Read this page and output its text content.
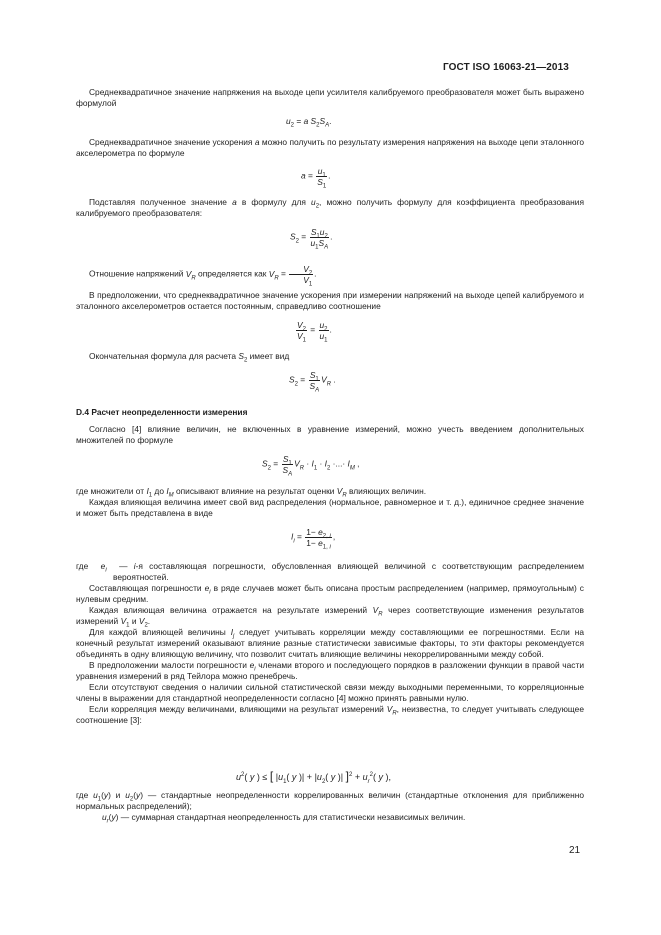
ГОСТ ISO 16063-21—2013

Среднеквадратичное значение напряжения на выходе цепи усилителя калибруемого преобразователя может быть выражено формулой

$u_2 = a$ $S_2S_A$.

Среднеквадратичное значение ускорения a можно получить по результату измерения напряжения на выходе цепи эталонного акселерометра по формуле

$a = \frac{u_1}{S_1}$ .

Подставляя полученное значение a в формулу для $u_2$, можно получить формулу для коэффициента преобразования калибруемого преобразователя:

$S_2 = \frac{S_1u_2}{u_1S_A}$ .

Отношение напряжений $V_R$ определяется как $V_R = \frac{V_2}{V_1}$ .

В предположении, что среднеквадратичное значение ускорения при измерении напряжений на выходе цепей калибруемого и эталонного акселерометров остается постоянным, справедливо соотношение

$\frac{V_2}{V_1} = \frac{u_2}{u_1}$ .

Окончательная формула для расчета $S_2$ имеет вид

$S_2 = \frac{S_1}{S_A} V_R$ .
D.4 Расчет неопределенности измерения

Согласно [4] влияние величин, не включенных в уравнение измерений, можно учесть введением дополнительных множителей по формуле

$S_2 = \frac{S_1}{S_A} V_R \cdot I_1 \cdot I_2$ ·...· $I_M$ ,

где множители от $I_1$ до $I_M$ описывают влияние на результат оценки $V_R$ влияющих величин.

Каждая влияющая величина имеет свой вид распределения (нормальное, равномерное и т. д.), единичное среднее значение и может быть представлена в виде

$I_i = \frac{1- e_{2, i}}{1- e_{1, i}}$ ,

где  $e_i$  — i-я составляющая погрешности, обусловленная влияющей величиной с соответствующим распределением вероятностей.

Составляющая погрешности $e_i$ в ряде случаев может быть описана простым распределением (например, прямоугольным) с нулевым средним.

Каждая влияющая величина отражается на результате измерений $V_R$ через соответствующие изменения результатов измерений $V_1$ и $V_2$.

Для каждой влияющей величины $I_j$ следует учитывать корреляции между составляющими ее погрешностями. Если на конечный результат измерений оказывают влияние разные статистически зависимые факторы, то эти факторы рекомендуется объединять в одну влияющую величину, что позволит считать влияющие величины некоррелированными между собой.

В предположении малости погрешности $e_i$ членами второго и последующего порядков в разложении функции в правой части уравнения измерений в ряд Тейлора можно пренебречь.

Если отсутствуют сведения о наличии сильной статистической связи между выходными переменными, то корреляционные члены в выражении для стандартной неопределенности согласно [4] можно принять равными нулю.

Если корреляция между величинами, влияющими на результат измерений $V_R$, неизвестна, то следует учитывать следующее соотношение [3]:

$u^2$( y ) ≤ [ $|u_1$( y )| + $|u_2$( y )| ]$^2 + u_r^2$( y ),

где $u_1(y)$ и $u_2(y)$ — стандартные неопределенности коррелированных величин (стандартные отклонения для приближенно нормальных распределений);

$u_r(y)$ — суммарная стандартная неопределенность для статистически независимых величин.

21
